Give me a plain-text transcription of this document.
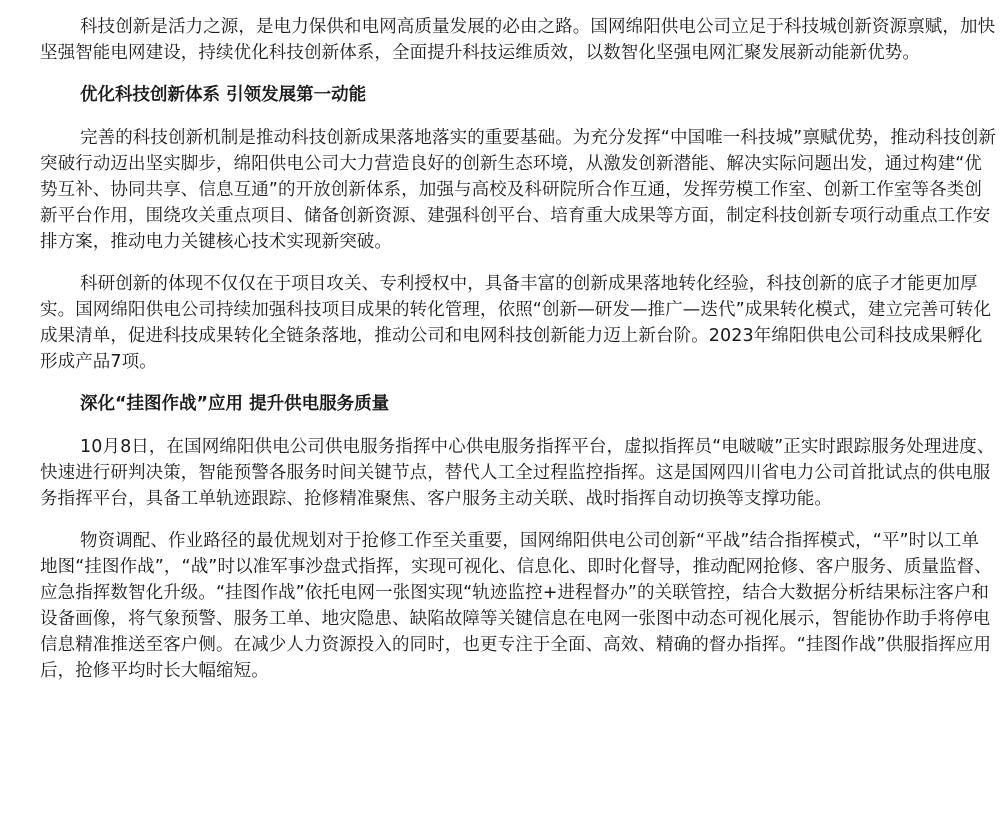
科技创新是活力之源，是电力保供和电网高质量发展的必由之路。国网绵阳供电公司立足于科技城创新资源禀赋，加快坚强智能电网建设，持续优化科技创新体系，全面提升科技运维质效，以数智化坚强电网汇聚发展新动能新优势。

优化科技创新体系 引领发展第一动能

完善的科技创新机制是推动科技创新成果落地落实的重要基础。为充分发挥“中国唯一科技城”禀赋优势，推动科技创新突破行动迈出坚实脚步，绵阳供电公司大力营造良好的创新生态环境，从激发创新潜能、解决实际问题出发，通过构建“优势互补、协同共享、信息互通”的开放创新体系，加强与高校及科研院所合作互通，发挥劳模工作室、创新工作室等各类创新平台作用，围绕攻关重点项目、储备创新资源、建强科创平台、培育重大成果等方面，制定科技创新专项行动重点工作安排方案，推动电力关键核心技术实现新突破。

科研创新的体现不仅仅在于项目攻关、专利授权中，具备丰富的创新成果落地转化经验，科技创新的底子才能更加厚实。国网绵阳供电公司持续加强科技项目成果的转化管理，依照“创新—研发—推广—迭代”成果转化模式，建立完善可转化成果清单，促进科技成果转化全链条落地，推动公司和电网科技创新能力迈上新台阶。2023年绵阳供电公司科技成果孵化形成产品7项。

深化“挂图作战”应用 提升供电服务质量

10月8日，在国网绵阳供电公司供电服务指挥中心供电服务指挥平台，虚拟指挥员“电啵啵”正实时跟踪服务处理进度、快速进行研判决策，智能预警各服务时间关键节点，替代人工全过程监控指挥。这是国网四川省电力公司首批试点的供电服务指挥平台，具备工单轨迹跟踪、抢修精准聚焦、客户服务主动关联、战时指挥自动切换等支撑功能。

物资调配、作业路径的最优规划对于抢修工作至关重要，国网绵阳供电公司创新“平战”结合指挥模式，“平”时以工单地图“挂图作战”，“战”时以准军事沙盘式指挥，实现可视化、信息化、即时化督导，推动配网抢修、客户服务、质量监督、应急指挥数智化升级。“挂图作战”依托电网一张图实现“轨迹监控+进程督办”的关联管控，结合大数据分析结果标注客户和设备画像，将气象预警、服务工单、地灾隐患、缺陷故障等关键信息在电网一张图中动态可视化展示，智能协作助手将停电信息精准推送至客户侧。在减少人力资源投入的同时，也更专注于全面、高效、精确的督办指挥。“挂图作战”供服指挥应用后，抢修平均时长大幅缩短。
